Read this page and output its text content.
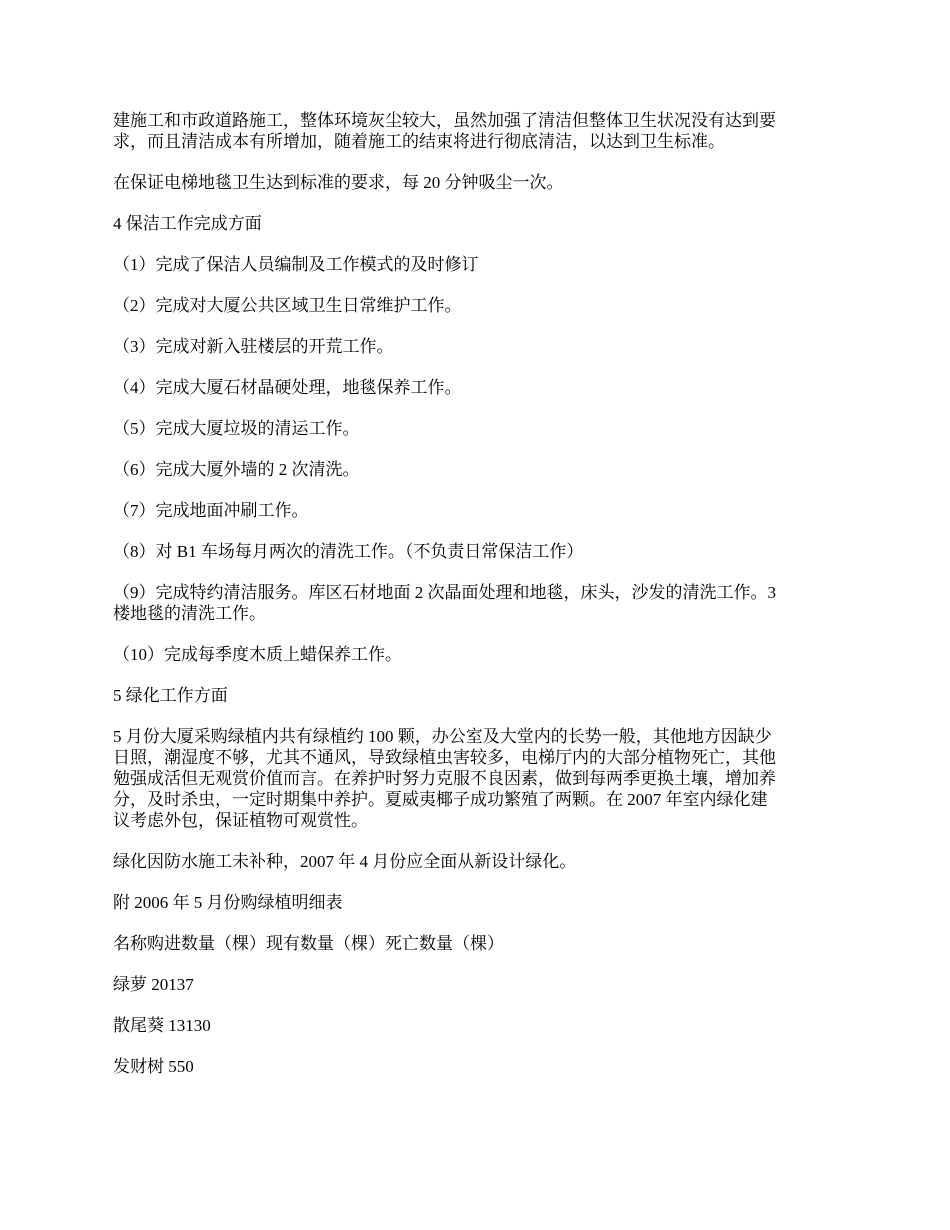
建施工和市政道路施工，整体环境灰尘较大，虽然加强了清洁但整体卫生状况没有达到要
求，而且清洁成本有所增加，随着施工的结束将进行彻底清洁，以达到卫生标准。

在保证电梯地毯卫生达到标准的要求，每 20 分钟吸尘一次。

4 保洁工作完成方面

（1）完成了保洁人员编制及工作模式的及时修订

（2）完成对大厦公共区域卫生日常维护工作。

（3）完成对新入驻楼层的开荒工作。

（4）完成大厦石材晶硬处理，地毯保养工作。

（5）完成大厦垃圾的清运工作。

（6）完成大厦外墙的 2 次清洗。

（7）完成地面冲刷工作。

（8）对 B1 车场每月两次的清洗工作。（不负责日常保洁工作）

（9）完成特约清洁服务。库区石材地面 2 次晶面处理和地毯，床头，沙发的清洗工作。3
楼地毯的清洗工作。

（10）完成每季度木质上蜡保养工作。

5 绿化工作方面

5 月份大厦采购绿植内共有绿植约 100 颗，办公室及大堂内的长势一般，其他地方因缺少
日照，潮湿度不够，尤其不通风，导致绿植虫害较多，电梯厅内的大部分植物死亡，其他
勉强成活但无观赏价值而言。在养护时努力克服不良因素，做到每两季更换土壤，增加养
分，及时杀虫，一定时期集中养护。夏威夷椰子成功繁殖了两颗。在 2007 年室内绿化建
议考虑外包，保证植物可观赏性。

绿化因防水施工未补种，2007 年 4 月份应全面从新设计绿化。

附 2006 年 5 月份购绿植明细表

名称购进数量（棵）现有数量（棵）死亡数量（棵）

绿萝 20137

散尾葵 13130

发财树 550
